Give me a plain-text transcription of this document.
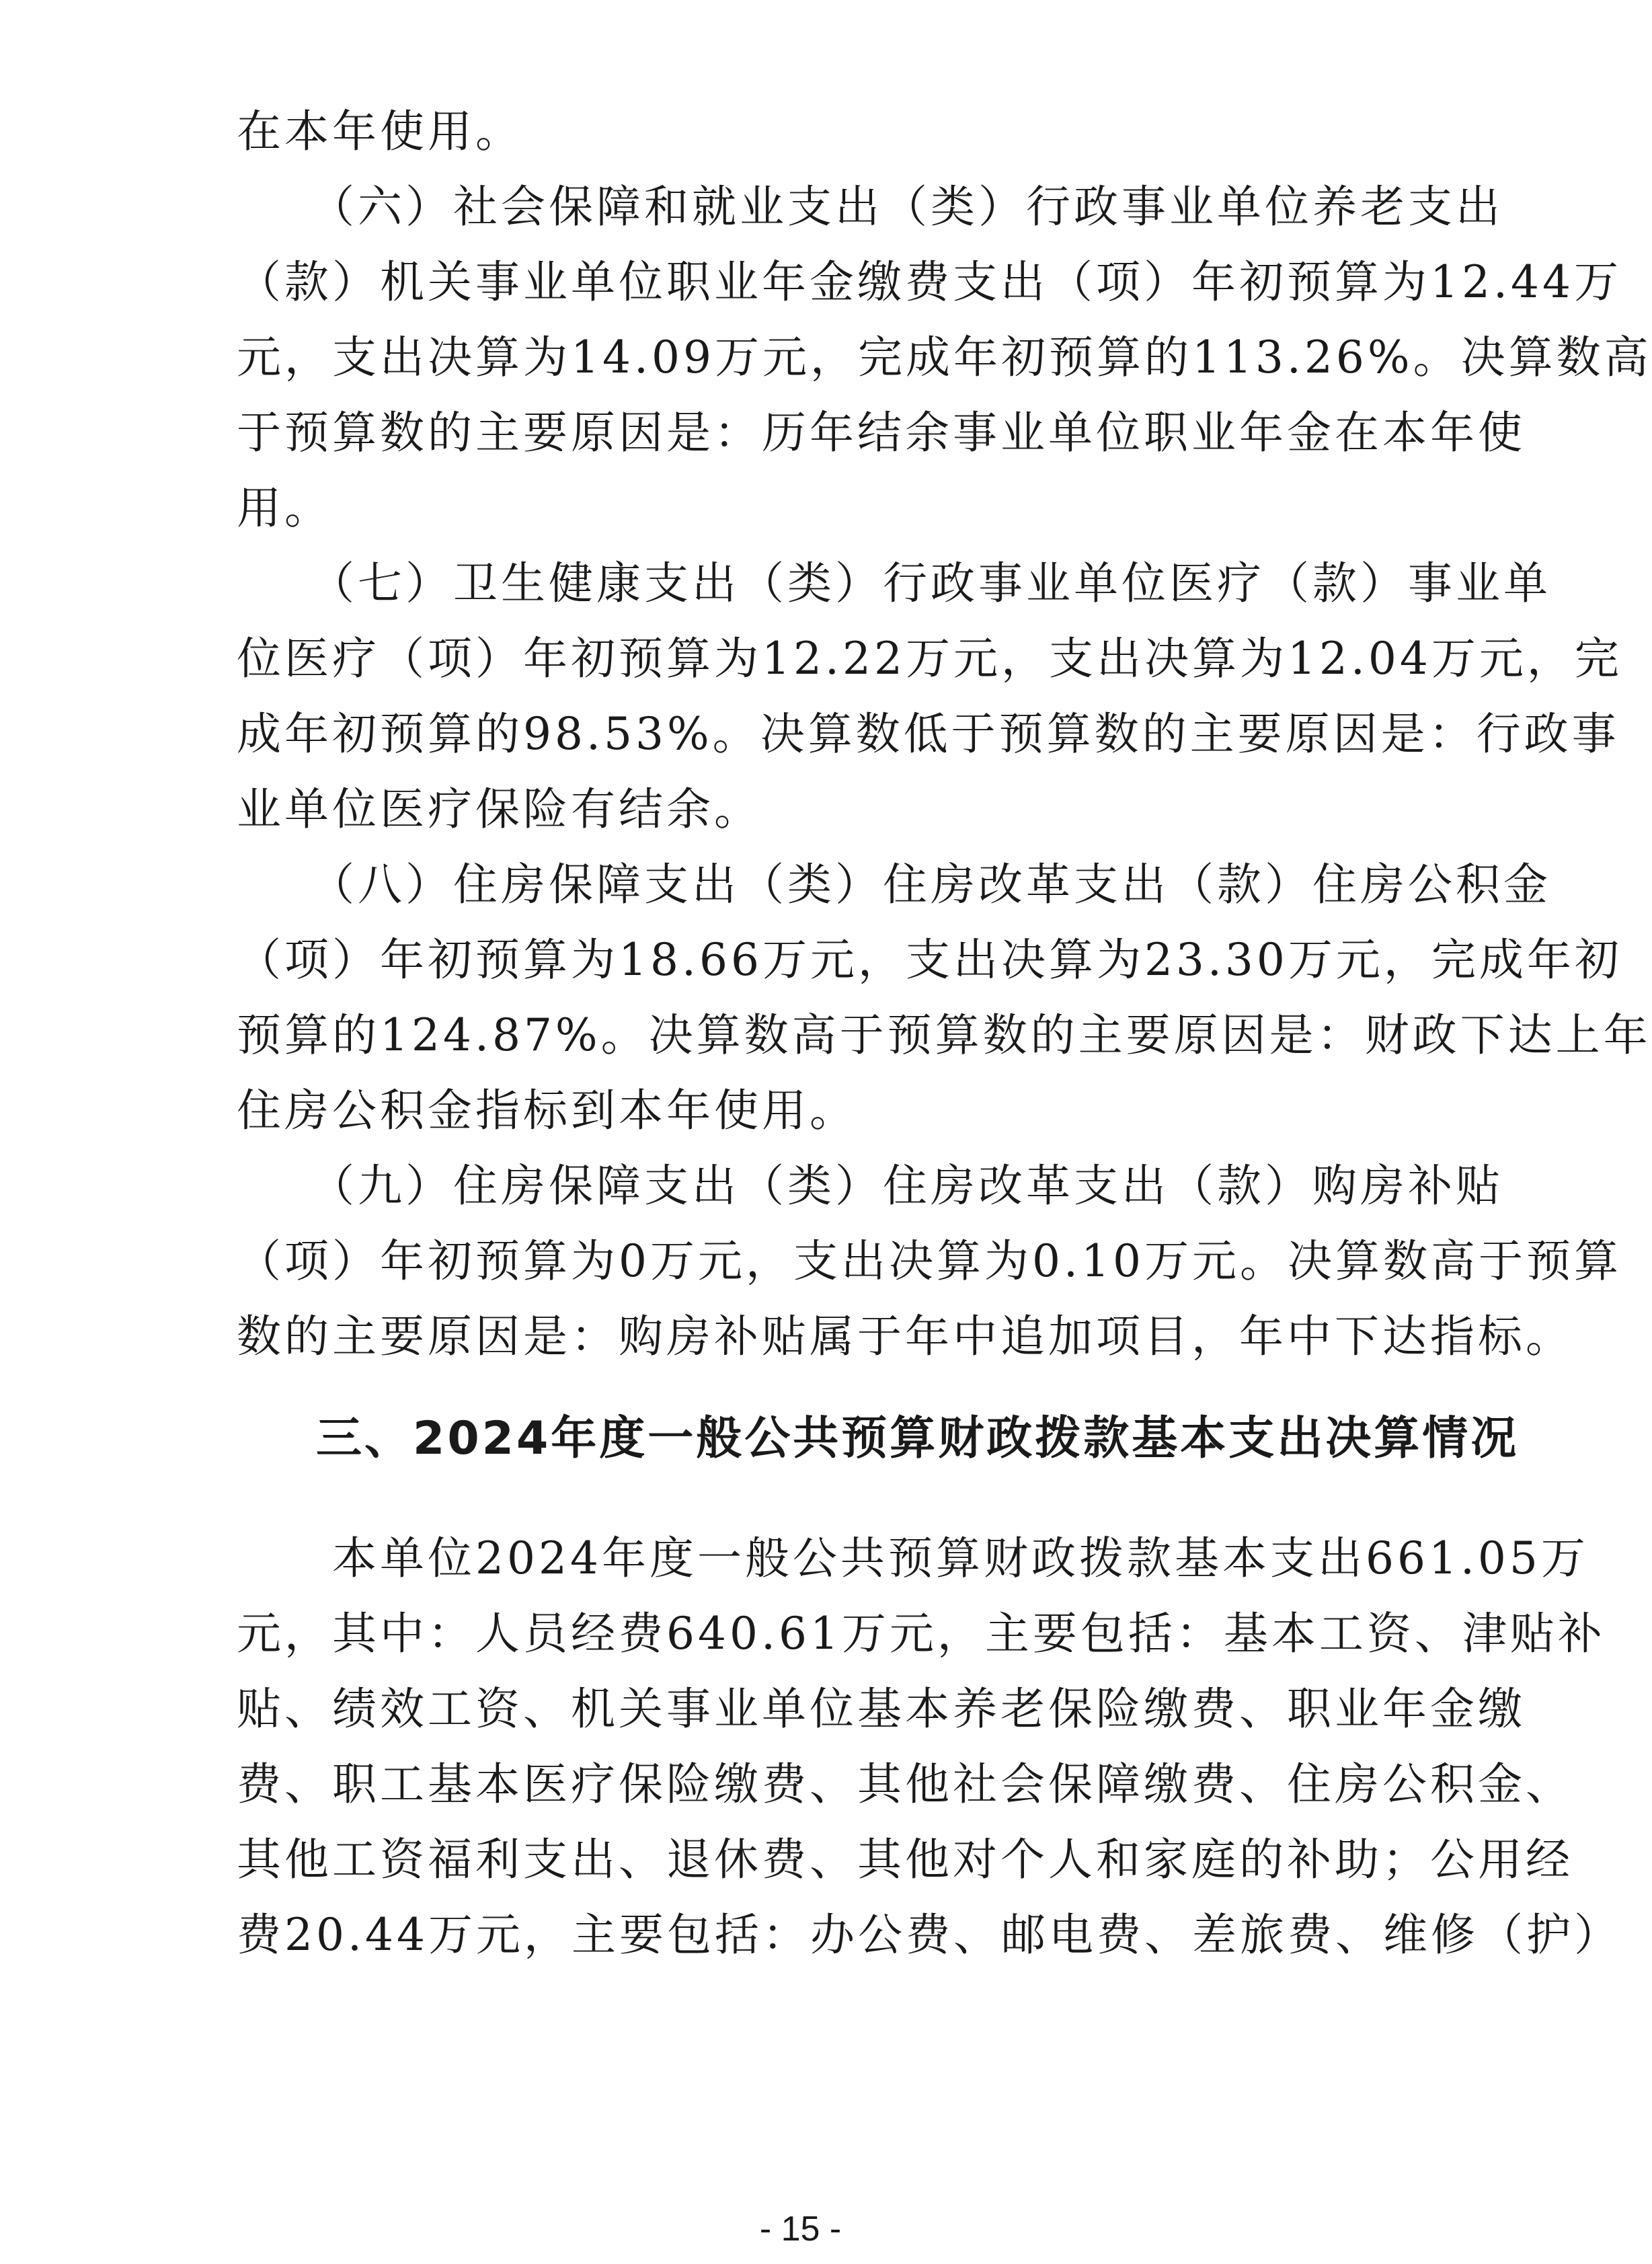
在本年使用。
　　（六）社会保障和就业支出（类）行政事业单位养老支出
（款）机关事业单位职业年金缴费支出（项）年初预算为12.44万
元，支出决算为14.09万元，完成年初预算的113.26%。决算数高
于预算数的主要原因是：历年结余事业单位职业年金在本年使
用。
　　（七）卫生健康支出（类）行政事业单位医疗（款）事业单
位医疗（项）年初预算为12.22万元，支出决算为12.04万元，完
成年初预算的98.53%。决算数低于预算数的主要原因是：行政事
业单位医疗保险有结余。
　　（八）住房保障支出（类）住房改革支出（款）住房公积金
（项）年初预算为18.66万元，支出决算为23.30万元，完成年初
预算的124.87%。决算数高于预算数的主要原因是：财政下达上年
住房公积金指标到本年使用。
　　（九）住房保障支出（类）住房改革支出（款）购房补贴
（项）年初预算为0万元，支出决算为0.10万元。决算数高于预算
数的主要原因是：购房补贴属于年中追加项目，年中下达指标。
三、2024年度一般公共预算财政拨款基本支出决算情况
　　本单位2024年度一般公共预算财政拨款基本支出661.05万
元，其中：人员经费640.61万元，主要包括：基本工资、津贴补
贴、绩效工资、机关事业单位基本养老保险缴费、职业年金缴
费、职工基本医疗保险缴费、其他社会保障缴费、住房公积金、
其他工资福利支出、退休费、其他对个人和家庭的补助；公用经
费20.44万元，主要包括：办公费、邮电费、差旅费、维修（护）
- 15 -
